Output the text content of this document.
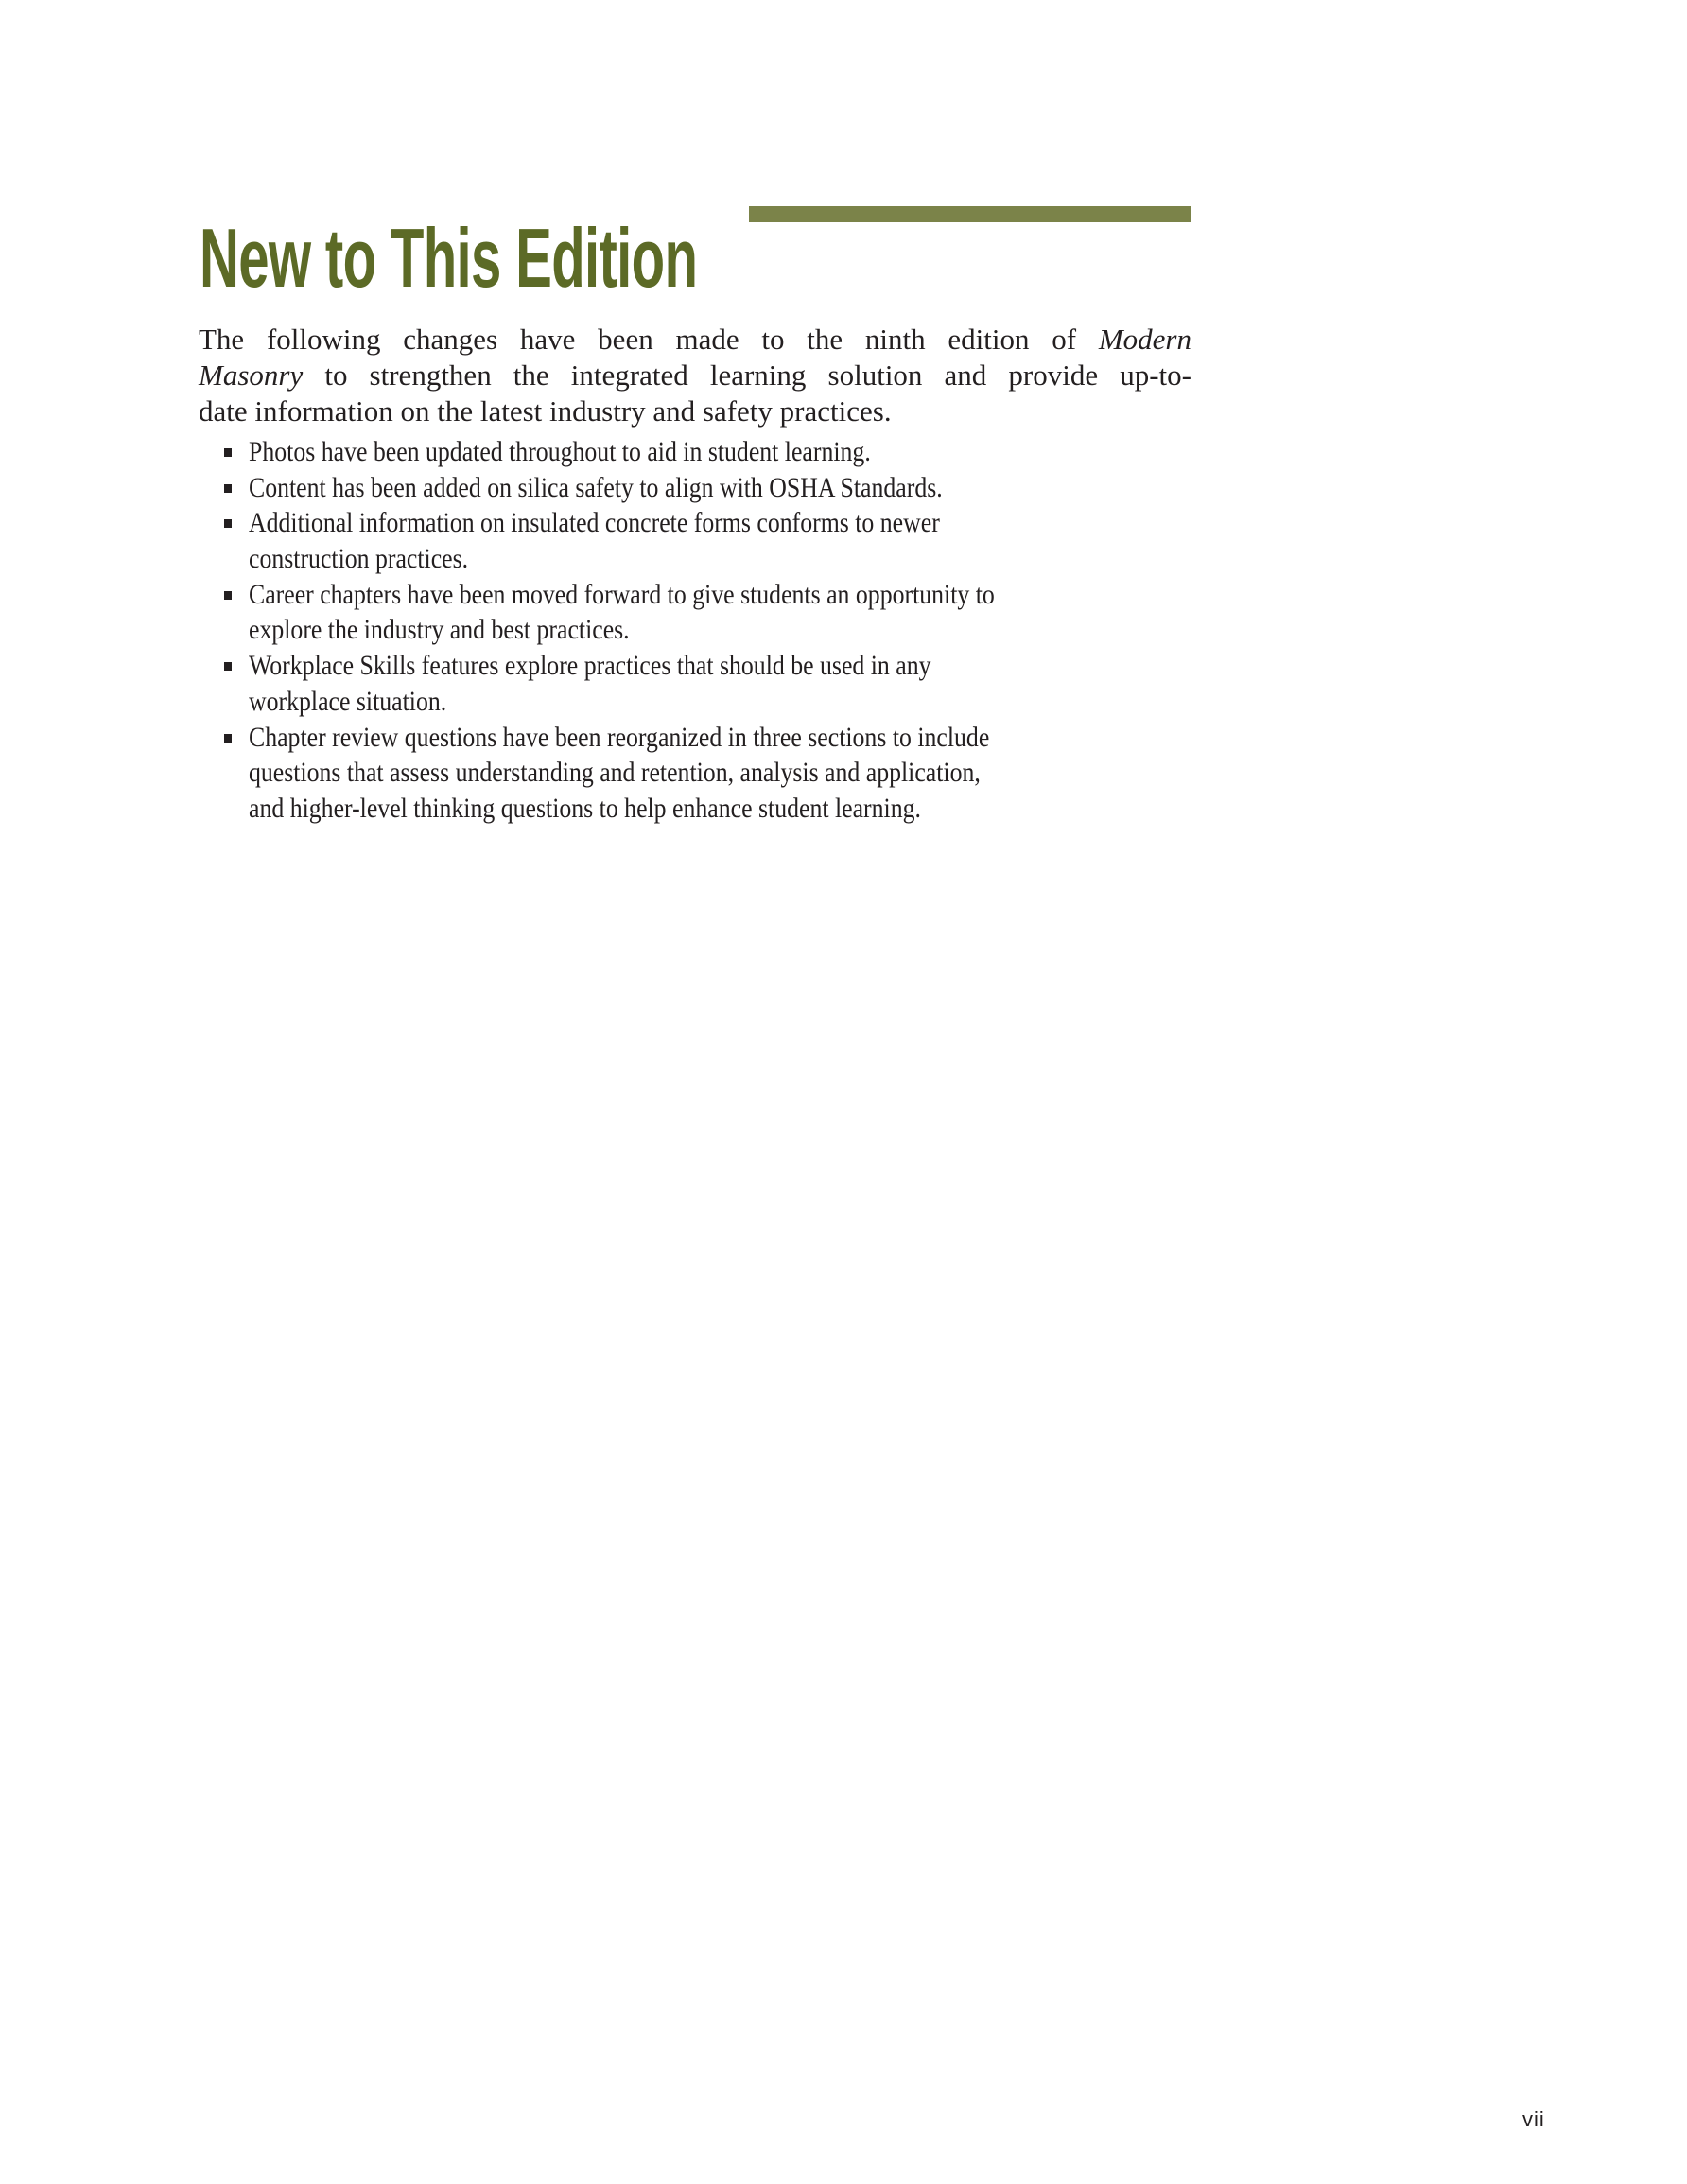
New to This Edition
The following changes have been made to the ninth edition of Modern
Masonry to strengthen the integrated learning solution and provide up-to-
date information on the latest industry and safety practices.
Photos have been updated throughout to aid in student learning.
Content has been added on silica safety to align with OSHA Standards.
Additional information on insulated concrete forms conforms to newer
construction practices.
Career chapters have been moved forward to give students an opportunity to
explore the industry and best practices.
Workplace Skills features explore practices that should be used in any
workplace situation.
Chapter review questions have been reorganized in three sections to include
questions that assess understanding and retention, analysis and application,
and higher-level thinking questions to help enhance student learning.
vii
